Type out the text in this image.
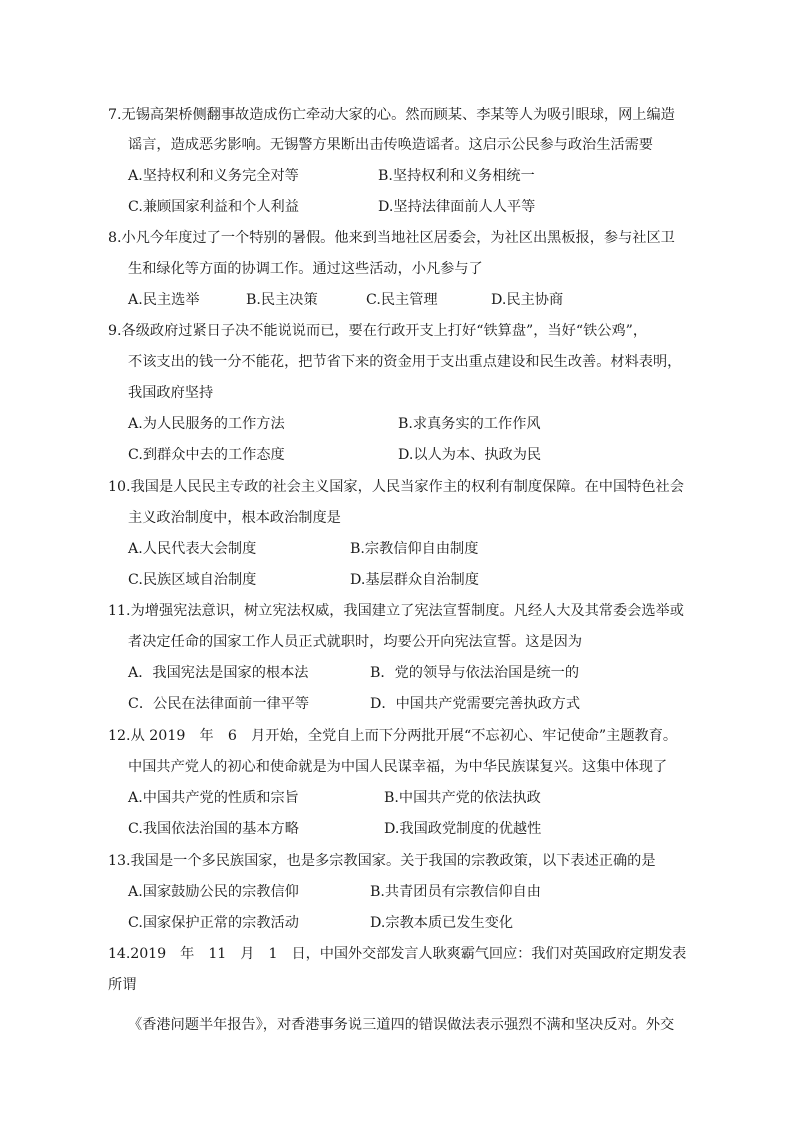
7.无锡高架桥侧翻事故造成伤亡牵动大家的心。然而顾某、李某等人为吸引眼球，网上编造
谣言，造成恶劣影响。无锡警方果断出击传唤造谣者。这启示公民参与政治生活需要
A.坚持权利和义务完全对等	B.坚持权利和义务相统一
C.兼顾国家利益和个人利益	D.坚持法律面前人人平等
8.小凡今年度过了一个特别的暑假。他来到当地社区居委会，为社区出黑板报，参与社区卫
生和绿化等方面的协调工作。通过这些活动，小凡参与了
A.民主选举	B.民主决策	C.民主管理	D.民主协商
9.各级政府过紧日子决不能说说而已，要在行政开支上打好“铁算盘”，当好“铁公鸡”，
不该支出的钱一分不能花，把节省下来的资金用于支出重点建设和民生改善。材料表明，
我国政府坚持
A.为人民服务的工作方法	B.求真务实的工作作风
C.到群众中去的工作态度	D.以人为本、执政为民
10.我国是人民民主专政的社会主义国家，人民当家作主的权利有制度保障。在中国特色社会
主义政治制度中，根本政治制度是
A.人民代表大会制度	B.宗教信仰自由制度
C.民族区域自治制度	D.基层群众自治制度
11.为增强宪法意识，树立宪法权威，我国建立了宪法宣誓制度。凡经人大及其常委会选举或
者决定任命的国家工作人员正式就职时，均要公开向宪法宣誓。这是因为
A．我国宪法是国家的根本法	B．党的领导与依法治国是统一的
C．公民在法律面前一律平等	D．中国共产党需要完善执政方式
12.从 2019　年　6　月开始，全党自上而下分两批开展“不忘初心、牢记使命”主题教育。
中国共产党人的初心和使命就是为中国人民谋幸福，为中华民族谋复兴。这集中体现了
A.中国共产党的性质和宗旨	B.中国共产党的依法执政
C.我国依法治国的基本方略	D.我国政党制度的优越性
13.我国是一个多民族国家，也是多宗教国家。关于我国的宗教政策，以下表述正确的是
A.国家鼓励公民的宗教信仰	B.共青团员有宗教信仰自由
C.国家保护正常的宗教活动	D.宗教本质已发生变化
14.2019　年　11　月　1　日，中国外交部发言人耿爽霸气回应：我们对英国政府定期发表
所谓
《香港问题半年报告》，对香港事务说三道四的错误做法表示强烈不满和坚决反对。外交
